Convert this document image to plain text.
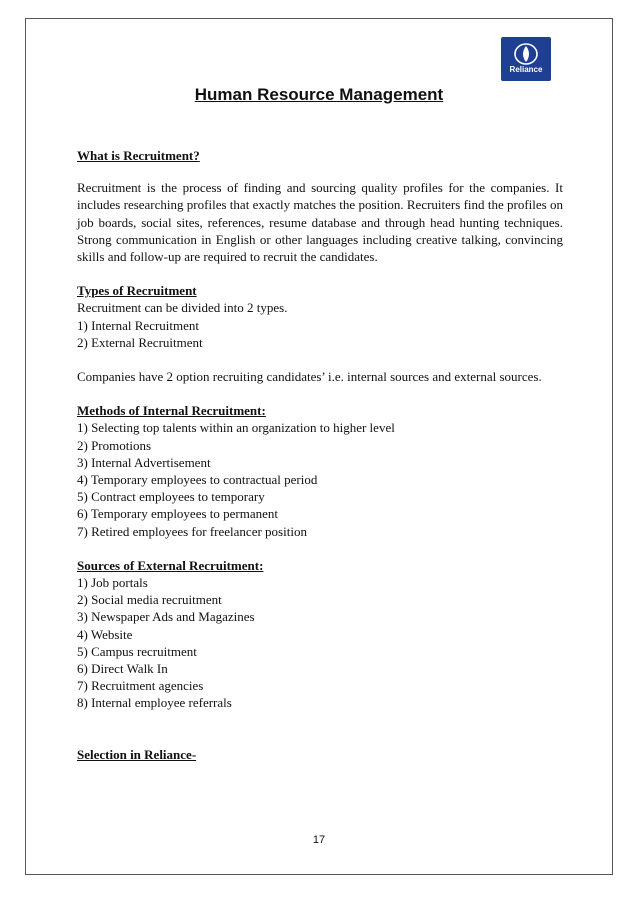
Reliance
Human Resource Management

What is Recruitment?

Recruitment is the process of finding and sourcing quality profiles for the companies. It includes researching profiles that exactly matches the position. Recruiters find the profiles on job boards, social sites, references, resume database and through head hunting techniques. Strong communication in English or other languages including creative talking, convincing skills and follow-up are required to recruit the candidates.

Types of Recruitment

Recruitment can be divided into 2 types.

1) Internal Recruitment
2) External Recruitment

Companies have 2 option recruiting candidates’ i.e. internal sources and external sources.

Methods of Internal Recruitment:

1) Selecting top talents within an organization to higher level
2) Promotions
3) Internal Advertisement
4) Temporary employees to contractual period
5) Contract employees to temporary
6) Temporary employees to permanent
7) Retired employees for freelancer position

Sources of External Recruitment:

1) Job portals
2) Social media recruitment
3) Newspaper Ads and Magazines
4) Website
5) Campus recruitment
6) Direct Walk In
7) Recruitment agencies
8) Internal employee referrals

Selection in Reliance-

17
